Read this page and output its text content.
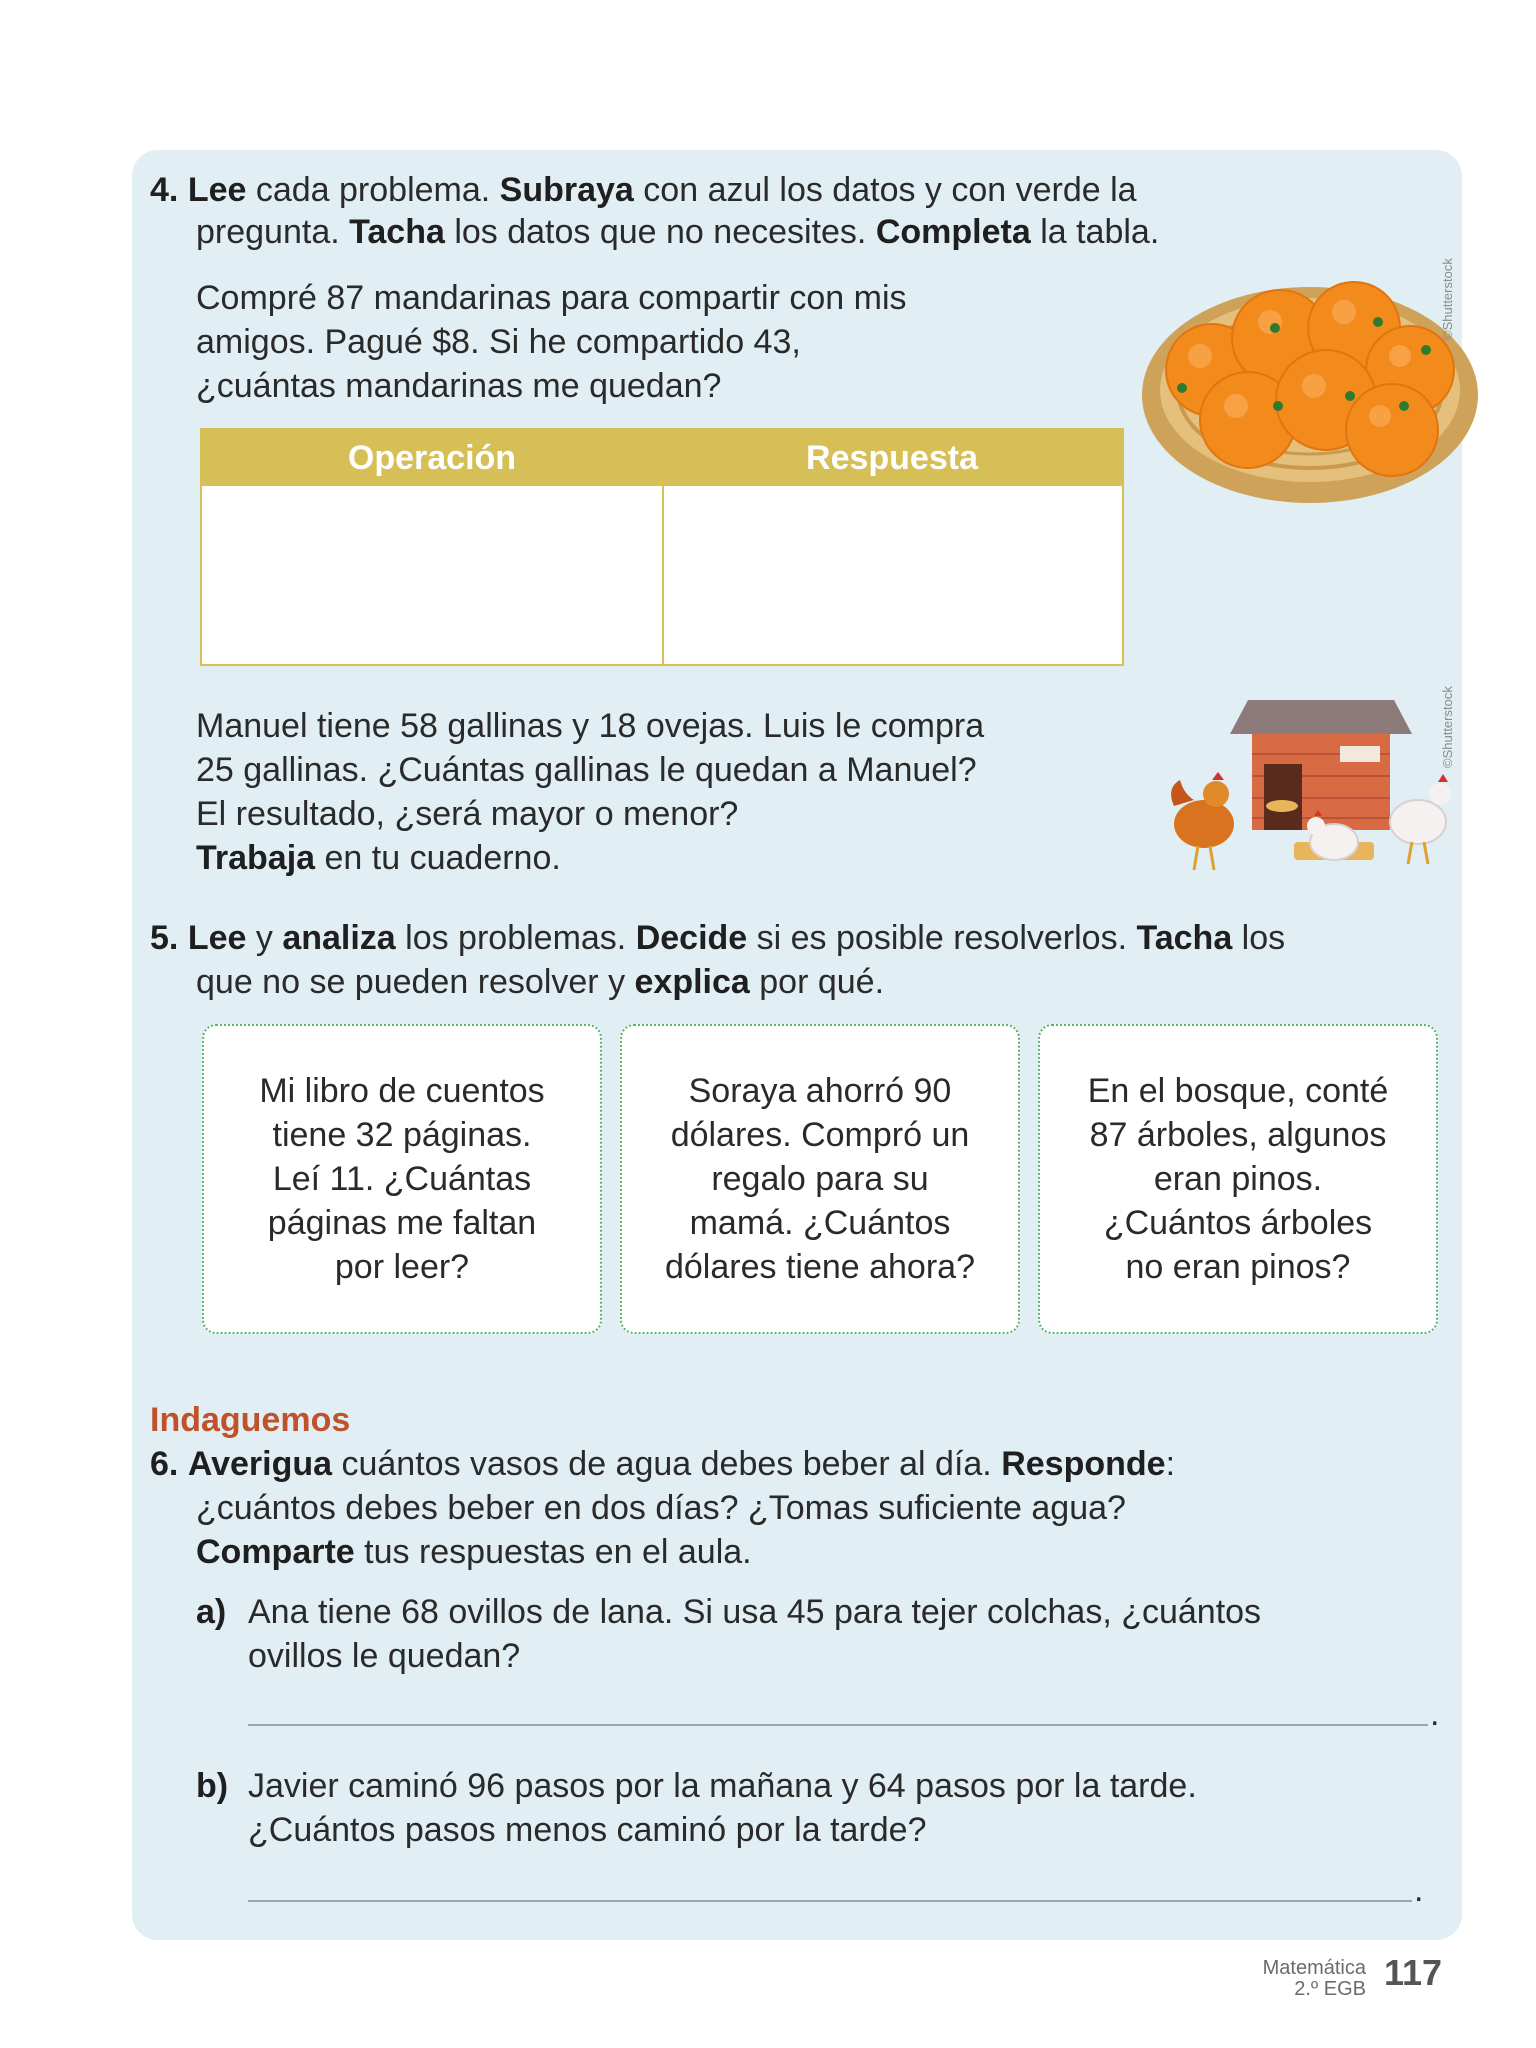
4. Lee cada problema. Subraya con azul los datos y con verde la
pregunta. Tacha los datos que no necesites. Completa la tabla.
Compré 87 mandarinas para compartir con mis
amigos. Pagué $8. Si he compartido 43,
¿cuántas mandarinas me quedan?
©Shutterstock
Operación	Respuesta
Manuel tiene 58 gallinas y 18 ovejas. Luis le compra
25 gallinas. ¿Cuántas gallinas le quedan a Manuel?
El resultado, ¿será mayor o menor?
Trabaja en tu cuaderno.
©Shutterstock
5. Lee y analiza los problemas. Decide si es posible resolverlos. Tacha los
que no se pueden resolver y explica por qué.
Mi libro de cuentos
tiene 32 páginas.
Leí 11. ¿Cuántas
páginas me faltan
por leer?
Soraya ahorró 90
dólares. Compró un
regalo para su
mamá. ¿Cuántos
dólares tiene ahora?
En el bosque, conté
87 árboles, algunos
eran pinos.
¿Cuántos árboles
no eran pinos?
Indaguemos
6. Averigua cuántos vasos de agua debes beber al día. Responde:
¿cuántos debes beber en dos días? ¿Tomas suficiente agua?
Comparte tus respuestas en el aula.
a) Ana tiene 68 ovillos de lana. Si usa 45 para tejer colchas, ¿cuántos
ovillos le quedan?
.
b) Javier caminó 96 pasos por la mañana y 64 pasos por la tarde.
¿Cuántos pasos menos caminó por la tarde?
.
Matemática
2.º EGB 117
